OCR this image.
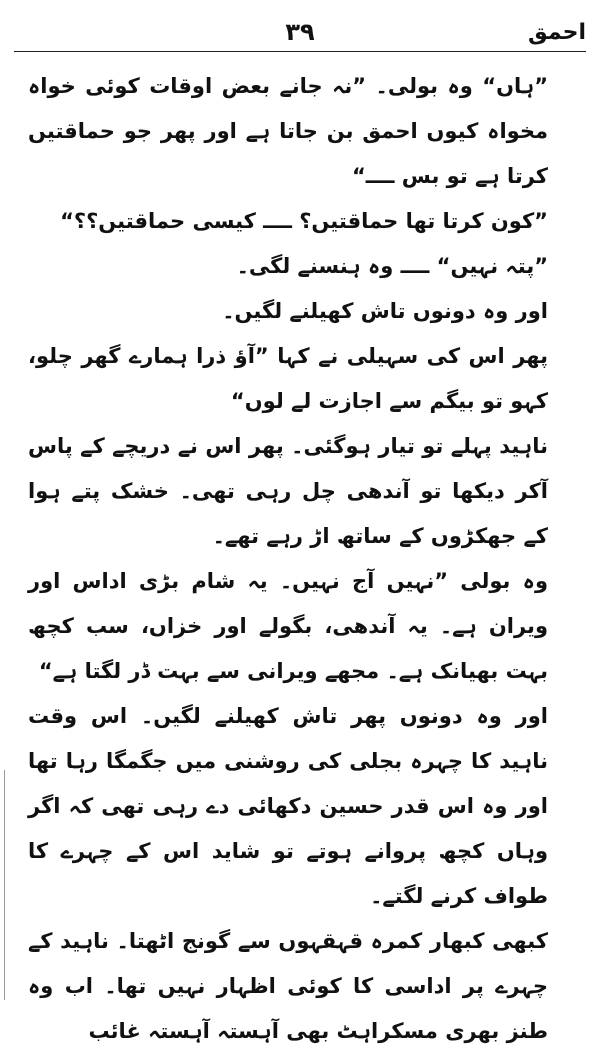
احمق
۳۹

”ہاں“ وہ بولی۔ ”نہ جانے بعض اوقات کوئی خواہ مخواہ کیوں احمق بن جاتا ہے اور پھر جو حماقتیں کرتا ہے تو بس ــــ“

”کون کرتا تھا حماقتیں؟ ــــ کیسی حماقتیں؟؟“

”پتہ نہیں“ ــــ وہ ہنسنے لگی۔

اور وہ دونوں تاش کھیلنے لگیں۔

پھر اس کی سہیلی نے کہا ”آؤ ذرا ہمارے گھر چلو، کہو تو بیگم سے اجازت لے لوں“

ناہید پہلے تو تیار ہوگئی۔ پھر اس نے دریچے کے پاس آکر دیکھا تو آندھی چل رہی تھی۔ خشک پتے ہوا کے جھکڑوں کے ساتھ اڑ رہے تھے۔

وہ بولی ”نہیں آج نہیں۔ یہ شام بڑی اداس اور ویران ہے۔ یہ آندھی، بگولے اور خزاں، سب کچھ بہت بھیانک ہے۔ مجھے ویرانی سے بہت ڈر لگتا ہے“

اور وہ دونوں پھر تاش کھیلنے لگیں۔ اس وقت ناہید کا چہرہ بجلی کی روشنی میں جگمگا رہا تھا اور وہ اس قدر حسین دکھائی دے رہی تھی کہ اگر وہاں کچھ پروانے ہوتے تو شاید اس کے چہرے کا طواف کرنے لگتے۔

کبھی کبھار کمرہ قہقہوں سے گونج اٹھتا۔ ناہید کے چہرے پر اداسی کا کوئی اظہار نہیں تھا۔ اب وہ طنز بھری مسکراہٹ بھی آہستہ آہستہ غائب
